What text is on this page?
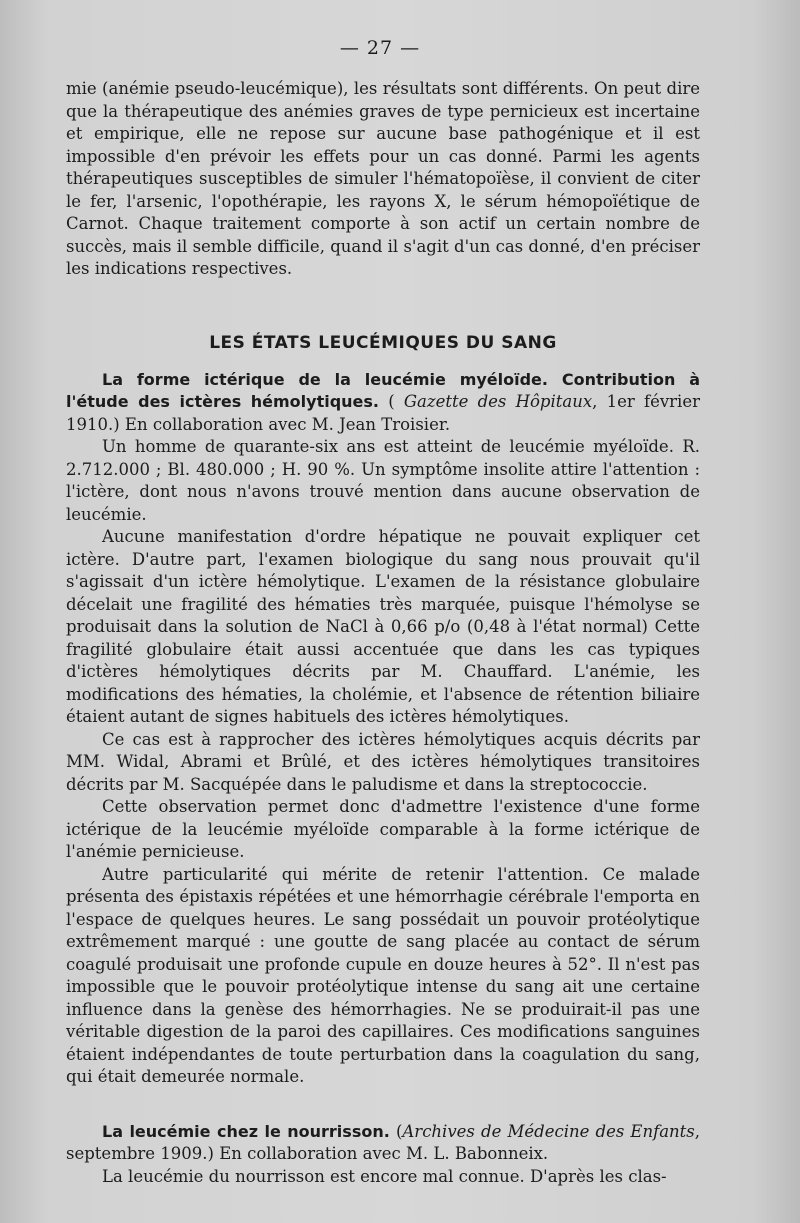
— 27 —

mie (anémie pseudo-leucémique), les résultats sont différents. On peut dire que la thérapeutique des anémies graves de type pernicieux est incertaine et empirique, elle ne repose sur aucune base pathogénique et il est impossible d'en prévoir les effets pour un cas donné. Parmi les agents thérapeutiques susceptibles de simuler l'hématopoïèse, il convient de citer le fer, l'arsenic, l'opothérapie, les rayons X, le sérum hémopoïétique de Carnot. Chaque traitement comporte à son actif un certain nombre de succès, mais il semble difficile, quand il s'agit d'un cas donné, d'en préciser les indications respectives.

LES ÉTATS LEUCÉMIQUES DU SANG

La forme ictérique de la leucémie myéloïde. Contribution à l'étude des ictères hémolytiques. ( Gazette des Hôpitaux, 1er février 1910.) En collaboration avec M. Jean Troisier.

Un homme de quarante-six ans est atteint de leucémie myéloïde. R. 2.712.000 ; Bl. 480.000 ; H. 90 %. Un symptôme insolite attire l'attention : l'ictère, dont nous n'avons trouvé mention dans aucune observation de leucémie.

Aucune manifestation d'ordre hépatique ne pouvait expliquer cet ictère. D'autre part, l'examen biologique du sang nous prouvait qu'il s'agissait d'un ictère hémolytique. L'examen de la résistance globulaire décelait une fragilité des hématies très marquée, puisque l'hémolyse se produisait dans la solution de NaCl à 0,66 p/o (0,48 à l'état normal) Cette fragilité globulaire était aussi accentuée que dans les cas typiques d'ictères hémolytiques décrits par M. Chauffard. L'anémie, les modifications des hématies, la cholémie, et l'absence de rétention biliaire étaient autant de signes habituels des ictères hémolytiques.

Ce cas est à rapprocher des ictères hémolytiques acquis décrits par MM. Widal, Abrami et Brûlé, et des ictères hémolytiques transitoires décrits par M. Sacquépée dans le paludisme et dans la streptococcie.

Cette observation permet donc d'admettre l'existence d'une forme ictérique de la leucémie myéloïde comparable à la forme ictérique de l'anémie pernicieuse.

Autre particularité qui mérite de retenir l'attention. Ce malade présenta des épistaxis répétées et une hémorrhagie cérébrale l'emporta en l'espace de quelques heures. Le sang possédait un pouvoir protéolytique extrêmement marqué : une goutte de sang placée au contact de sérum coagulé produisait une profonde cupule en douze heures à 52°. Il n'est pas impossible que le pouvoir protéolytique intense du sang ait une certaine influence dans la genèse des hémorrhagies. Ne se produirait-il pas une véritable digestion de la paroi des capillaires. Ces modifications sanguines étaient indépendantes de toute perturbation dans la coagulation du sang, qui était demeurée normale.

La leucémie chez le nourrisson. (Archives de Médecine des Enfants, septembre 1909.) En collaboration avec M. L. Babonneix.

La leucémie du nourrisson est encore mal connue. D'après les clas-
